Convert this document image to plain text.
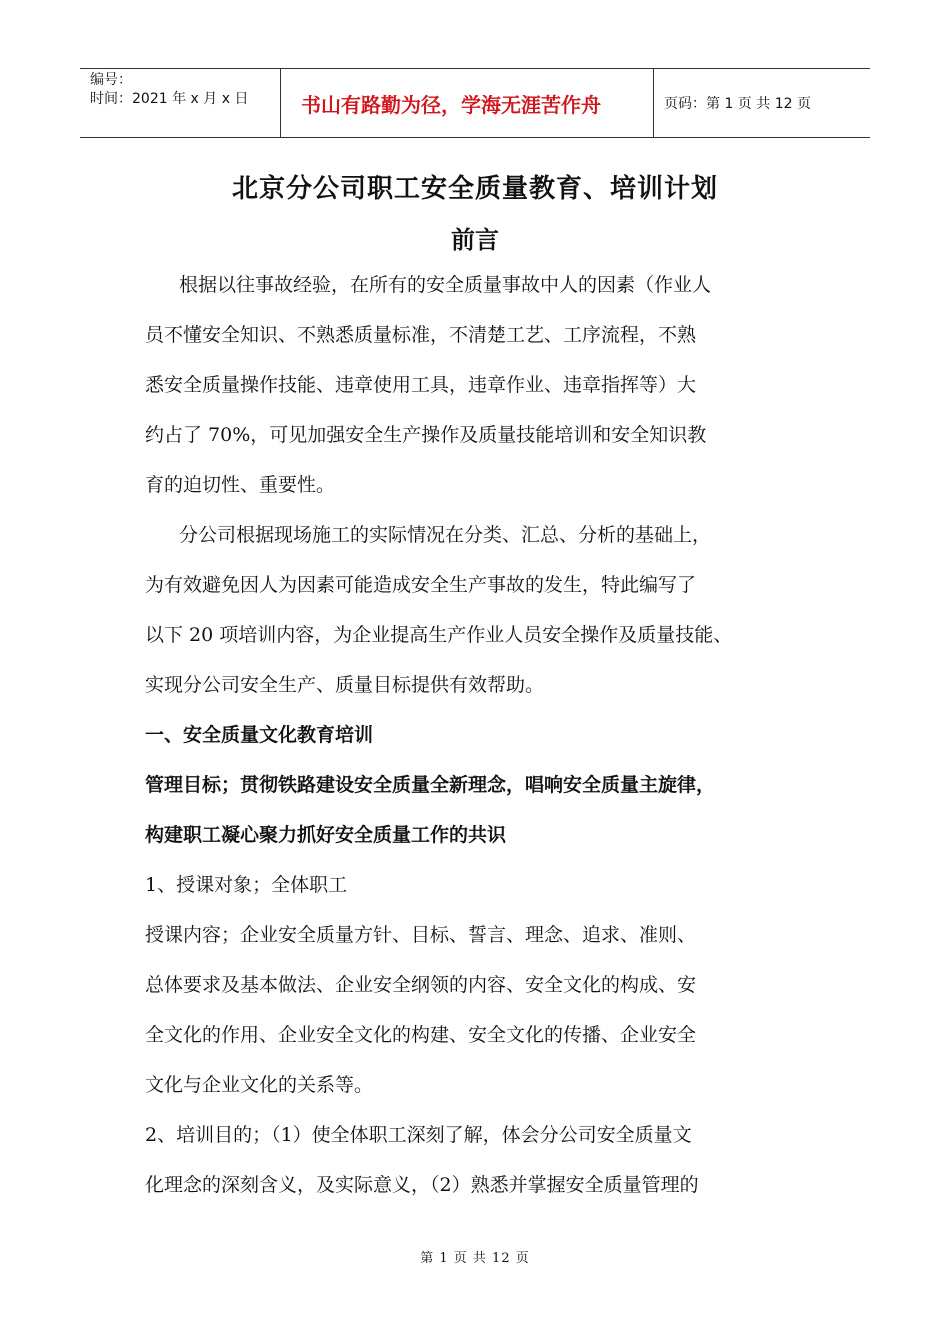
编号：
时间：2021 年 x 月 x 日	书山有路勤为径，学海无涯苦作舟	页码：第 1 页 共 12 页
北京分公司职工安全质量教育、培训计划
前言
根据以往事故经验，在所有的安全质量事故中人的因素（作业人
员不懂安全知识、不熟悉质量标准，不清楚工艺、工序流程，不熟
悉安全质量操作技能、违章使用工具，违章作业、违章指挥等）大
约占了 70%，可见加强安全生产操作及质量技能培训和安全知识教
育的迫切性、重要性。
分公司根据现场施工的实际情况在分类、汇总、分析的基础上，
为有效避免因人为因素可能造成安全生产事故的发生，特此编写了
以下 20 项培训内容，为企业提高生产作业人员安全操作及质量技能、
实现分公司安全生产、质量目标提供有效帮助。
一、安全质量文化教育培训
管理目标；贯彻铁路建设安全质量全新理念，唱响安全质量主旋律，
构建职工凝心聚力抓好安全质量工作的共识
1、授课对象；全体职工
授课内容；企业安全质量方针、目标、誓言、理念、追求、准则、
总体要求及基本做法、企业安全纲领的内容、安全文化的构成、安
全文化的作用、企业安全文化的构建、安全文化的传播、企业安全
文化与企业文化的关系等。
2、培训目的；（1）使全体职工深刻了解，体会分公司安全质量文
化理念的深刻含义，及实际意义，（2）熟悉并掌握安全质量管理的
第 1 页 共 12 页
